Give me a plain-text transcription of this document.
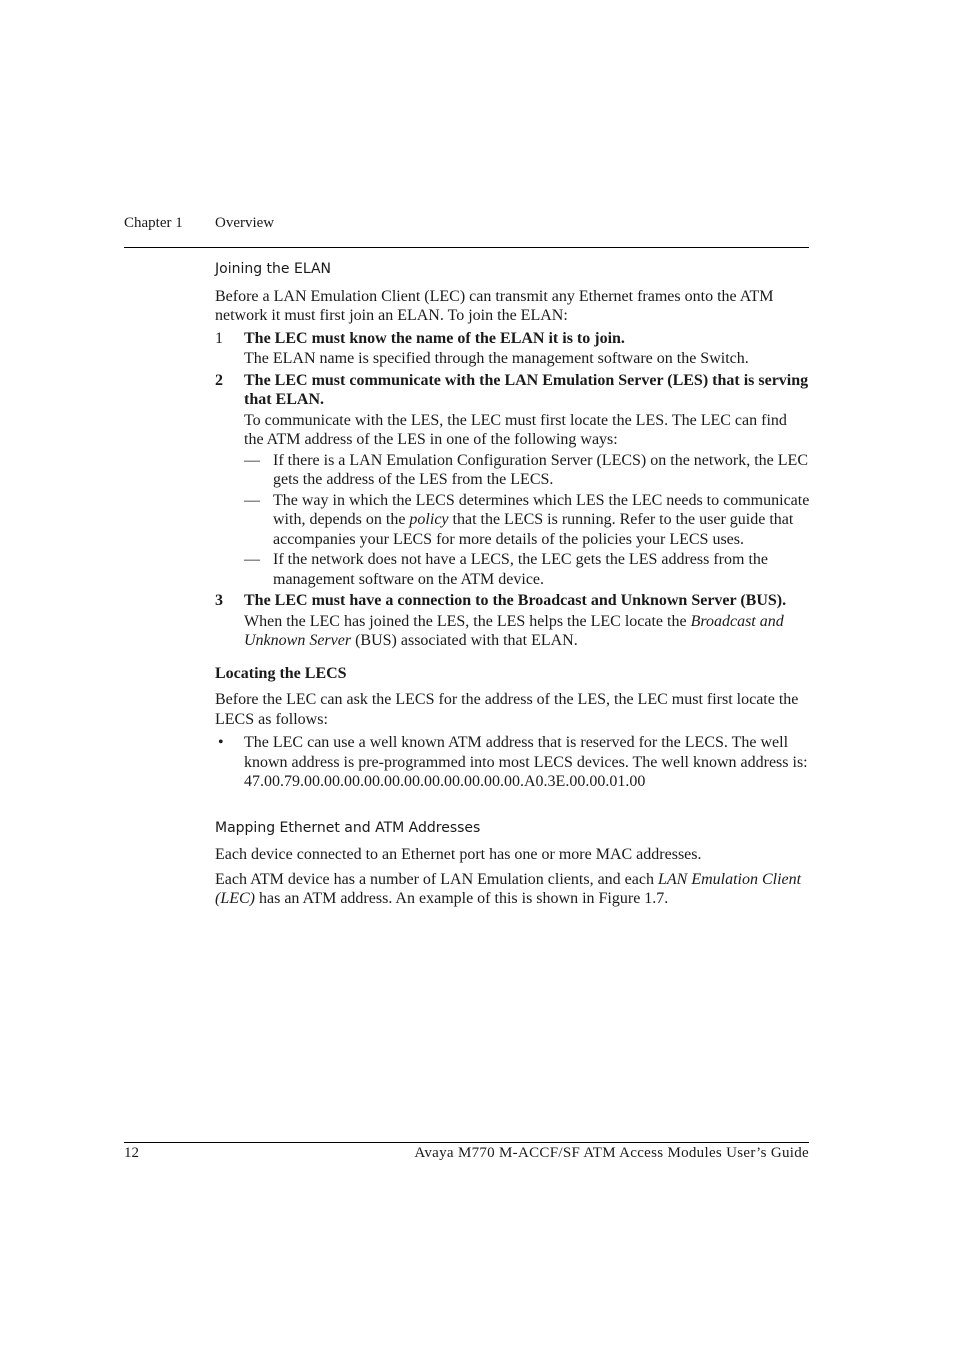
Chapter 1 Overview
Joining the ELAN

Before a LAN Emulation Client (LEC) can transmit any Ethernet frames onto the ATM network it must first join an ELAN. To join the ELAN:

1 The LEC must know the name of the ELAN it is to join.
The ELAN name is specified through the management software on the Switch.
2 The LEC must communicate with the LAN Emulation Server (LES) that is serving that ELAN.
To communicate with the LES, the LEC must first locate the LES. The LEC can find the ATM address of the LES in one of the following ways:
— If there is a LAN Emulation Configuration Server (LECS) on the network, the LEC gets the address of the LES from the LECS.
— The way in which the LECS determines which LES the LEC needs to communicate with, depends on the policy that the LECS is running. Refer to the user guide that accompanies your LECS for more details of the policies your LECS uses.
— If the network does not have a LECS, the LEC gets the LES address from the management software on the ATM device.
3 The LEC must have a connection to the Broadcast and Unknown Server (BUS).
When the LEC has joined the LES, the LES helps the LEC locate the Broadcast and Unknown Server (BUS) associated with that ELAN.
Locating the LECS

Before the LEC can ask the LECS for the address of the LES, the LEC must first locate the LECS as follows:

• The LEC can use a well known ATM address that is reserved for the LECS. The well known address is pre-programmed into most LECS devices. The well known address is: 47.00.79.00.00.00.00.00.00.00.00.00.00.00.A0.3E.00.00.01.00
Mapping Ethernet and ATM Addresses

Each device connected to an Ethernet port has one or more MAC addresses.

Each ATM device has a number of LAN Emulation clients, and each LAN Emulation Client (LEC) has an ATM address. An example of this is shown in Figure 1.7.

12	Avaya M770 M-ACCF/SF ATM Access Modules User’s Guide
